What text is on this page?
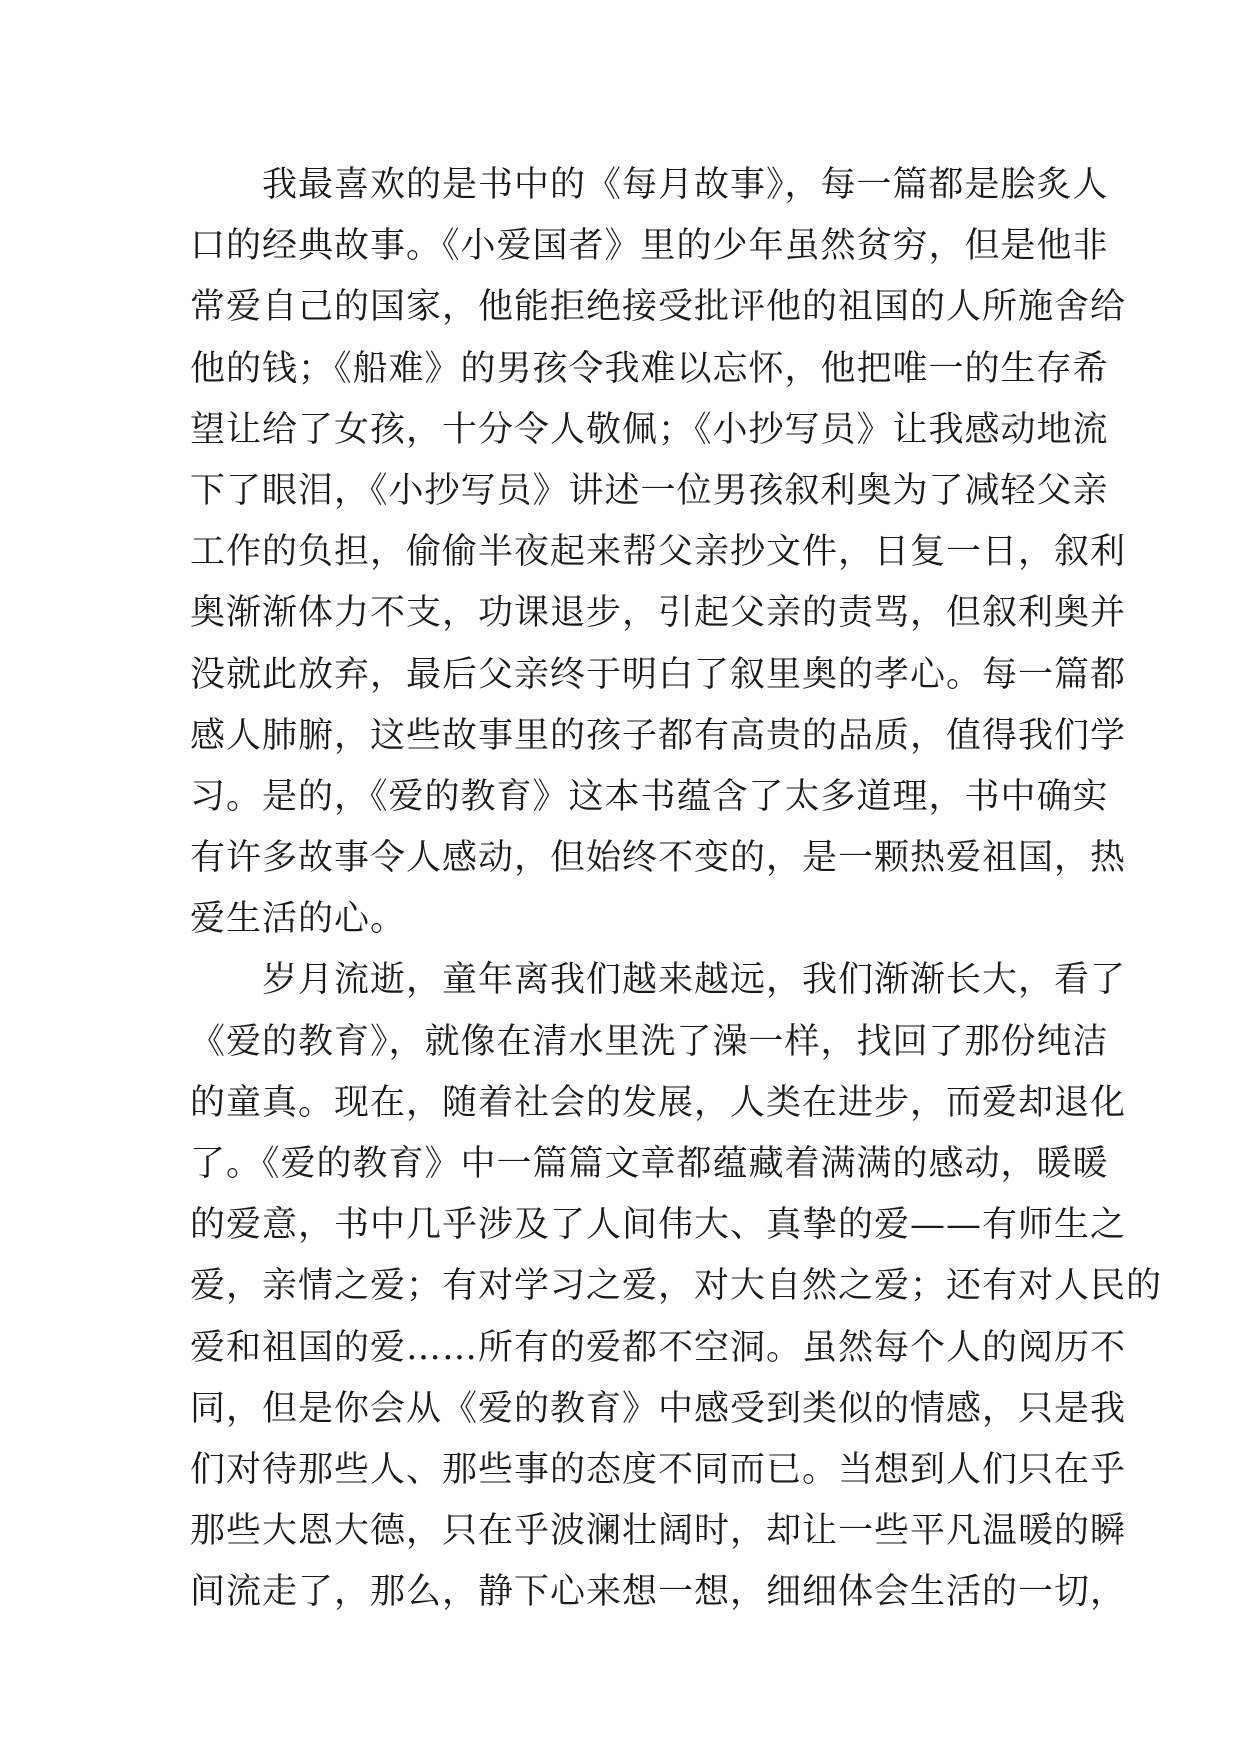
　　我最喜欢的是书中的《每月故事》，每一篇都是脍炙人
口的经典故事。《小爱国者》里的少年虽然贫穷，但是他非
常爱自己的国家，他能拒绝接受批评他的祖国的人所施舍给
他的钱；《船难》的男孩令我难以忘怀，他把唯一的生存希
望让给了女孩，十分令人敬佩；《小抄写员》让我感动地流
下了眼泪，《小抄写员》讲述一位男孩叙利奥为了减轻父亲
工作的负担，偷偷半夜起来帮父亲抄文件，日复一日，叙利
奥渐渐体力不支，功课退步，引起父亲的责骂，但叙利奥并
没就此放弃，最后父亲终于明白了叙里奥的孝心。每一篇都
感人肺腑，这些故事里的孩子都有高贵的品质，值得我们学
习。是的，《爱的教育》这本书蕴含了太多道理，书中确实
有许多故事令人感动，但始终不变的，是一颗热爱祖国，热
爱生活的心。
　　岁月流逝，童年离我们越来越远，我们渐渐长大，看了
《爱的教育》，就像在清水里洗了澡一样，找回了那份纯洁
的童真。现在，随着社会的发展，人类在进步，而爱却退化
了。《爱的教育》中一篇篇文章都蕴藏着满满的感动，暖暖
的爱意，书中几乎涉及了人间伟大、真挚的爱——有师生之
爱，亲情之爱；有对学习之爱，对大自然之爱；还有对人民的
爱和祖国的爱……所有的爱都不空洞。虽然每个人的阅历不
同，但是你会从《爱的教育》中感受到类似的情感，只是我
们对待那些人、那些事的态度不同而已。当想到人们只在乎
那些大恩大德，只在乎波澜壮阔时，却让一些平凡温暖的瞬
间流走了，那么，静下心来想一想，细细体会生活的一切，
